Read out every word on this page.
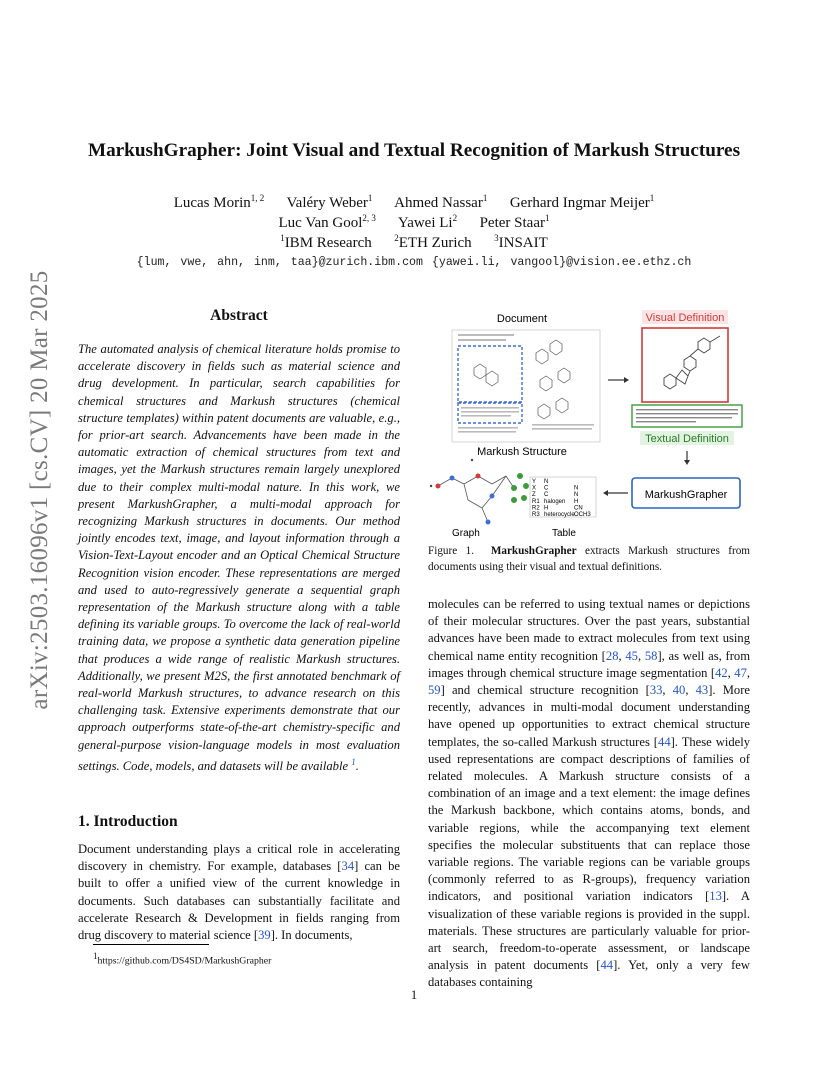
arXiv:2503.16096v1 [cs.CV] 20 Mar 2025
MarkushGrapher: Joint Visual and Textual Recognition of Markush Structures
Lucas Morin$^{1, 2}$ Valéry Weber$^1$ Ahmed Nassar$^1$ Gerhard Ingmar Meijer$^1$
Luc Van Gool$^{2, 3}$ Yawei Li$^2$ Peter Staar$^1$
$^1$IBM Research	$^2$ETH Zurich	$^3$INSAIT
{lum, vwe, ahn, inm, taa}@zurich.ibm.com {yawei.li, vangool}@vision.ee.ethz.ch
Abstract
The automated analysis of chemical literature holds promise to accelerate discovery in fields such as material science and drug development. In particular, search capabilities for chemical structures and Markush structures (chemical structure templates) within patent documents are valuable, e.g., for prior-art search. Advancements have been made in the automatic extraction of chemical structures from text and images, yet the Markush structures remain largely unexplored due to their complex multi-modal nature. In this work, we present MarkushGrapher, a multi-modal approach for recognizing Markush structures in documents. Our method jointly encodes text, image, and layout information through a Vision-Text-Layout encoder and an Optical Chemical Structure Recognition vision encoder. These representations are merged and used to auto-regressively generate a sequential graph representation of the Markush structure along with a table defining its variable groups. To overcome the lack of real-world training data, we propose a synthetic data generation pipeline that produces a wide range of realistic Markush structures. Additionally, we present M2S, the first annotated benchmark of real-world Markush structures, to advance research on this challenging task. Extensive experiments demonstrate that our approach outperforms state-of-the-art chemistry-specific and general-purpose vision-language models in most evaluation settings. Code, models, and datasets will be available $^1$.
1. Introduction
Document understanding plays a critical role in accelerating discovery in chemistry. For example, databases [34] can be built to offer a unified view of the current knowledge in documents. Such databases can substantially facilitate and accelerate Research & Development in fields ranging from drug discovery to material science [39]. In documents,
$^1$https://github.com/DS4SD/MarkushGrapher
Document	Visual Definition
Textual Definition
MarkushGrapher
Markush Structure
Y N
X C	N
Z C	N
R1 halogen H
R2 H	CN
R3 heterocycle OCH3
Graph	Table
Figure 1. MarkushGrapher extracts Markush structures from documents using their visual and textual definitions.
molecules can be referred to using textual names or depictions of their molecular structures. Over the past years, substantial advances have been made to extract molecules from text using chemical name entity recognition [28, 45, 58], as well as, from images through chemical structure image segmentation [42, 47, 59] and chemical structure recognition [33, 40, 43]. More recently, advances in multi-modal document understanding have opened up opportunities to extract chemical structure templates, the so-called Markush structures [44]. These widely used representations are compact descriptions of families of related molecules. A Markush structure consists of a combination of an image and a text element: the image defines the Markush backbone, which contains atoms, bonds, and variable regions, while the accompanying text element specifies the molecular substituents that can replace those variable regions. The variable regions can be variable groups (commonly referred to as R-groups), frequency variation indicators, and positional variation indicators [13]. A visualization of these variable regions is provided in the suppl. materials. These structures are particularly valuable for prior-art search, freedom-to-operate assessment, or landscape analysis in patent documents [44]. Yet, only a very few databases containing
1
